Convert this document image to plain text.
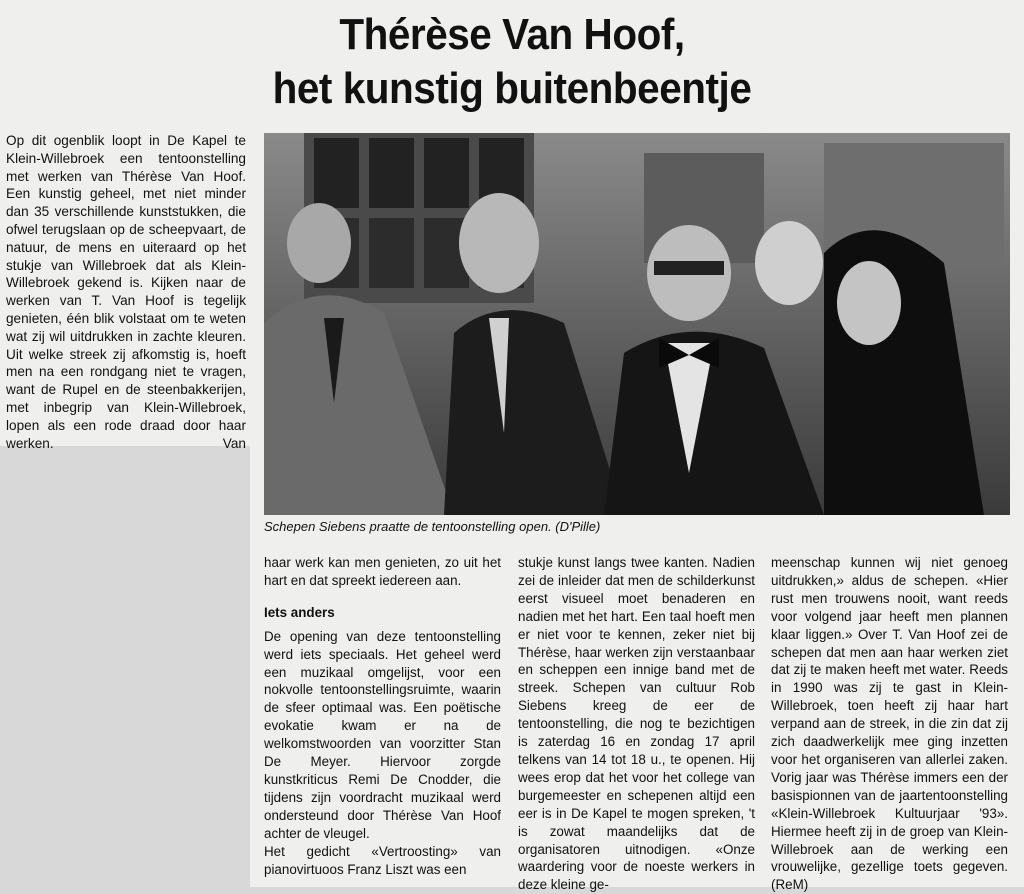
Thérèse Van Hoof,
het kunstig buitenbeentje
Op dit ogenblik loopt in De Kapel te Klein-Willebroek een tentoonstelling met werken van Thérèse Van Hoof. Een kunstig geheel, met niet minder dan 35 verschillende kunststukken, die ofwel terugslaan op de scheepvaart, de natuur, de mens en uiteraard op het stukje van Willebroek dat als Klein-Willebroek gekend is. Kijken naar de werken van T. Van Hoof is tegelijk genieten, één blik volstaat om te weten wat zij wil uitdrukken in zachte kleuren. Uit welke streek zij afkomstig is, hoeft men na een rondgang niet te vragen, want de Rupel en de steenbakkerijen, met inbegrip van Klein-Willebroek, lopen als een rode draad door haar werken. Van
Schepen Siebens praatte de tentoonstelling open. (D'Pille)

haar werk kan men genieten, zo uit het hart en dat spreekt iedereen aan.

Iets anders

De opening van deze tentoonstelling werd iets speciaals. Het geheel werd een muzikaal omgelijst, voor een nokvolle tentoonstellingsruimte, waarin de sfeer optimaal was. Een poëtische evokatie kwam er na de welkomstwoorden van voorzitter Stan De Meyer. Hiervoor zorgde kunstkriticus Remi De Cnodder, die tijdens zijn voordracht muzikaal werd ondersteund door Thérèse Van Hoof achter de vleugel.

Het gedicht «Vertroosting» van pianovirtuoos Franz Liszt was een

stukje kunst langs twee kanten. Nadien zei de inleider dat men de schilderkunst eerst visueel moet benaderen en nadien met het hart. Een taal hoeft men er niet voor te kennen, zeker niet bij Thérèse, haar werken zijn verstaanbaar en scheppen een innige band met de streek. Schepen van cultuur Rob Siebens kreeg de eer de tentoonstelling, die nog te bezichtigen is zaterdag 16 en zondag 17 april telkens van 14 tot 18 u., te openen. Hij wees erop dat het voor het college van burgemeester en schepenen altijd een eer is in De Kapel te mogen spreken, 't is zowat maandelijks dat de organisatoren uitnodigen. «Onze waardering voor de noeste werkers in deze kleine ge-

meenschap kunnen wij niet genoeg uitdrukken,» aldus de schepen. «Hier rust men trouwens nooit, want reeds voor volgend jaar heeft men plannen klaar liggen.» Over T. Van Hoof zei de schepen dat men aan haar werken ziet dat zij te maken heeft met water. Reeds in 1990 was zij te gast in Klein-Willebroek, toen heeft zij haar hart verpand aan de streek, in die zin dat zij zich daadwerkelijk mee ging inzetten voor het organiseren van allerlei zaken. Vorig jaar was Thérèse immers een der basispionnen van de jaartentoonstelling «Klein-Willebroek Kultuurjaar '93». Hiermee heeft zij in de groep van Klein-Willebroek aan de werking een vrouwelijke, gezellige toets gegeven. (ReM)
